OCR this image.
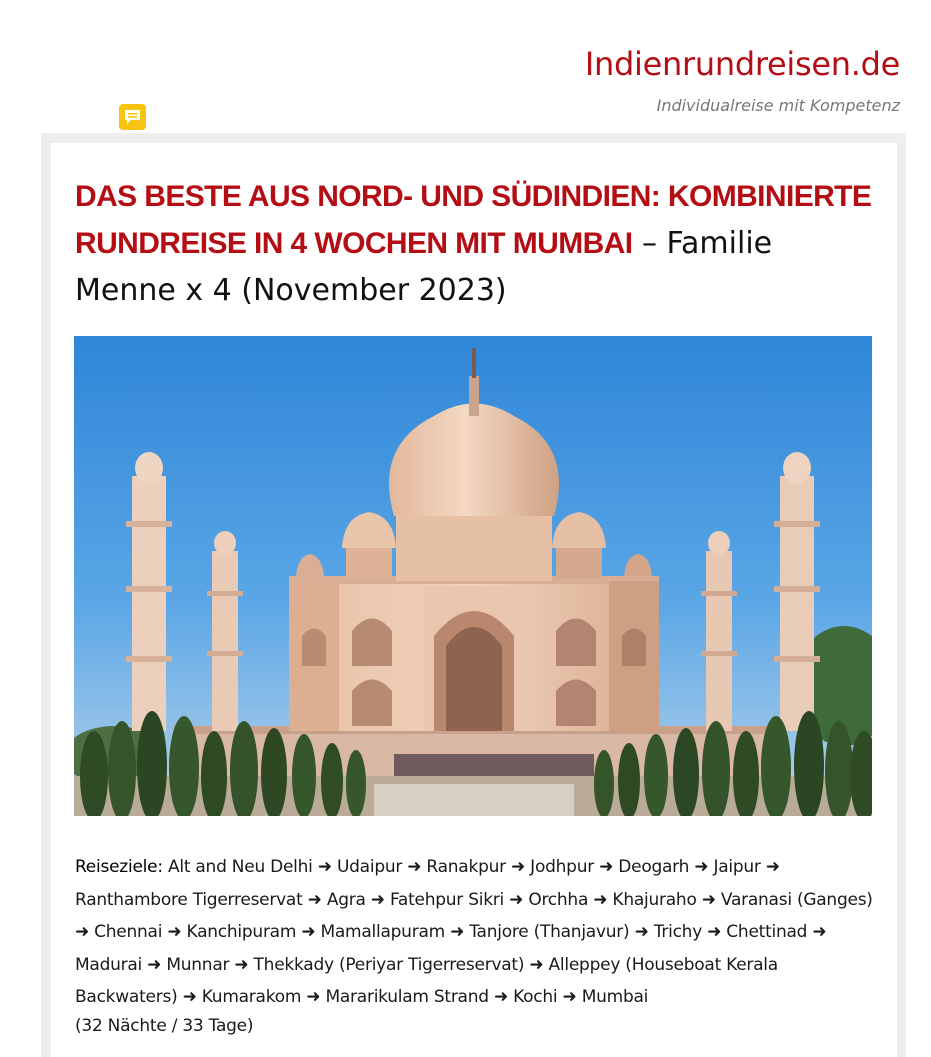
Indienrundreisen.de
Individualreise mit Kompetenz
DAS BESTE AUS NORD- UND SÜDINDIEN: KOMBINIERTE RUNDREISE IN 4 WOCHEN MIT MUMBAI – Familie Menne x 4 (November 2023)

Reiseziele: Alt and Neu Delhi ➜ Udaipur ➜ Ranakpur ➜ Jodhpur ➜ Deogarh ➜ Jaipur ➜ Ranthambore Tigerreservat ➜ Agra ➜ Fatehpur Sikri ➜ Orchha ➜ Khajuraho ➜ Varanasi (Ganges) ➜ Chennai ➜ Kanchipuram ➜ Mamallapuram ➜ Tanjore (Thanjavur) ➜ Trichy ➜ Chettinad ➜ Madurai ➜ Munnar ➜ Thekkady (Periyar Tigerreservat) ➜ Alleppey (Houseboat Kerala Backwaters) ➜ Kumarakom ➜ Mararikulam Strand ➜ Kochi ➜ Mumbai

(32 Nächte / 33 Tage)
